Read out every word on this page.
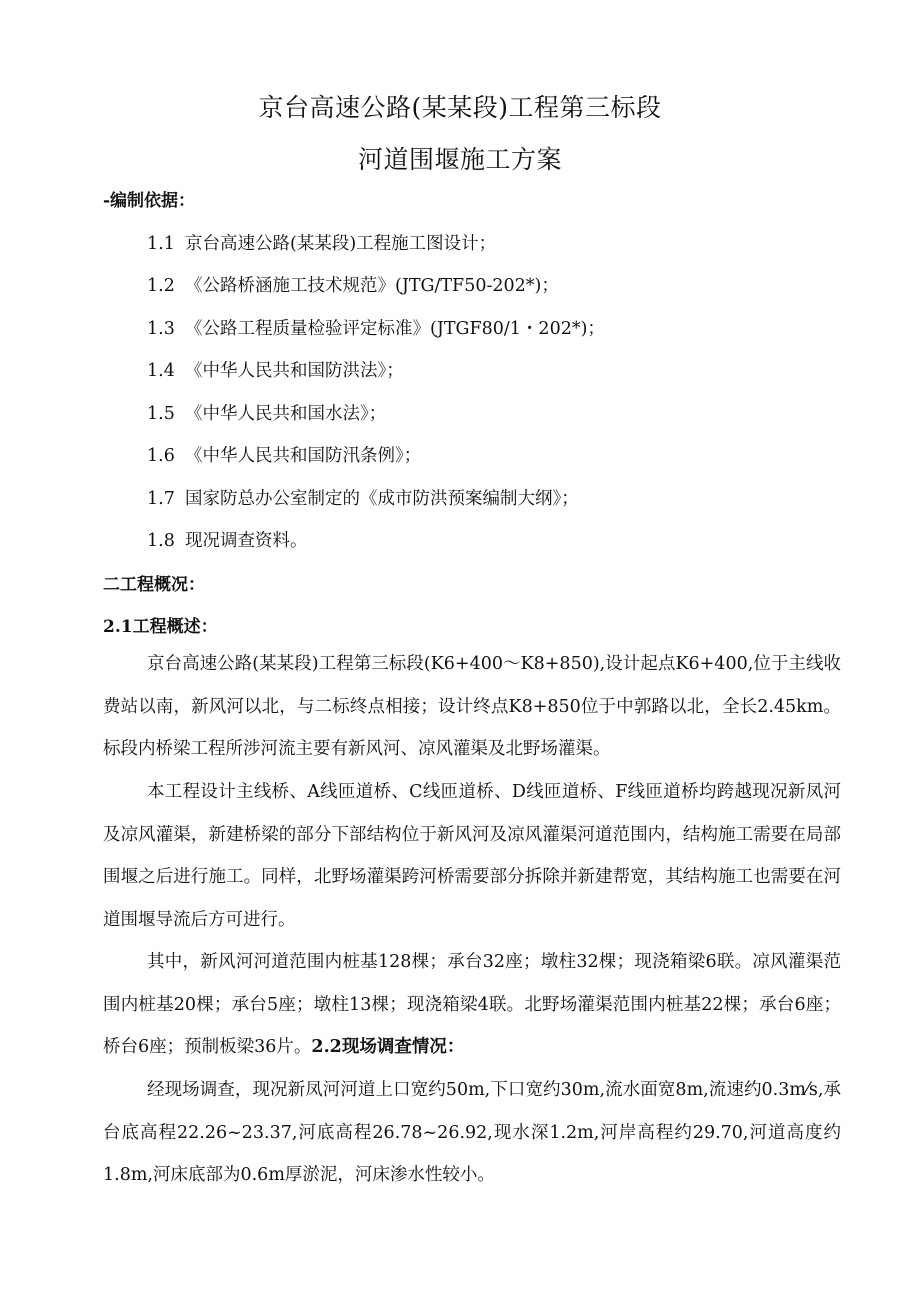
京台高速公路(某某段)工程第三标段
河道围堰施工方案
-编制依据：
1.1 京台高速公路(某某段)工程施工图设计；
1.2 《公路桥涵施工技术规范》(JTG/TF50-202*)；
1.3 《公路工程质量检验评定标准》(JTGF80/1・202*)；
1.4 《中华人民共和国防洪法》；
1.5 《中华人民共和国水法》；
1.6 《中华人民共和国防汛条例》；
1.7 国家防总办公室制定的《成市防洪预案编制大纲》；
1.8 现况调查资料。
二工程概况：
2.1工程概述：

京台高速公路(某某段)工程第三标段(K6+400～K8+850),设计起点K6+400,位于主线收费站以南，新风河以北，与二标终点相接；设计终点K8+850位于中郭路以北，全长2.45km。标段内桥梁工程所涉河流主要有新风河、凉风灌渠及北野场灌渠。

本工程设计主线桥、A线匝道桥、C线匝道桥、D线匝道桥、F线匝道桥均跨越现况新凤河及凉风灌渠，新建桥梁的部分下部结构位于新风河及凉风灌渠河道范围内，结构施工需要在局部围堰之后进行施工。同样，北野场灌渠跨河桥需要部分拆除并新建帮宽，其结构施工也需要在河道围堰导流后方可进行。

其中，新风河河道范围内桩基128棵；承台32座；墩柱32棵；现浇箱梁6联。凉风灌渠范围内桩基20棵；承台5座；墩柱13棵；现浇箱梁4联。北野场灌渠范围内桩基22棵；承台6座；桥台6座；预制板梁36片。2.2现场调查情况：

经现场调查，现况新凤河河道上口宽约50m,下口宽约30m,流水面宽8m,流速约0.3m⁄s,承台底高程22.26~23.37,河底高程26.78~26.92,现水深1.2m,河岸高程约29.70,河道高度约1.8m,河床底部为0.6m厚淤泥，河床渗水性较小。
